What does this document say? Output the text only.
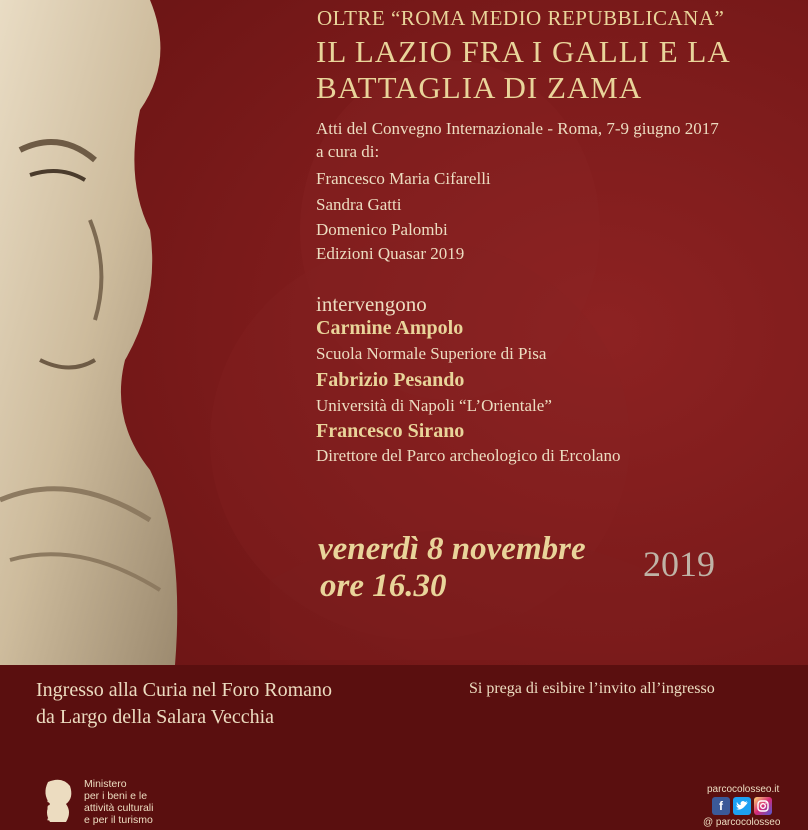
OLTRE “ROMA MEDIO REPUBBLICANA”
IL LAZIO FRA I GALLI E LA
BATTAGLIA DI ZAMA
Atti del Convegno Internazionale - Roma, 7-9 giugno 2017
a cura di:
Francesco Maria Cifarelli
Sandra Gatti
Domenico Palombi
Edizioni Quasar 2019
intervengono
Carmine Ampolo
Scuola Normale Superiore di Pisa
Fabrizio Pesando
Università di Napoli “L’Orientale”
Francesco Sirano
Direttore del Parco archeologico di Ercolano
venerdì 8 novembre 2019
ore 16.30
Ingresso alla Curia nel Foro Romano
da Largo della Salara Vecchia
Si prega di esibire l’invito all’ingresso
MiBAC
Ministero
per i beni e le
attività culturali
e per il turismo
parcocolosseo.it
f
@ parcocolosseo
